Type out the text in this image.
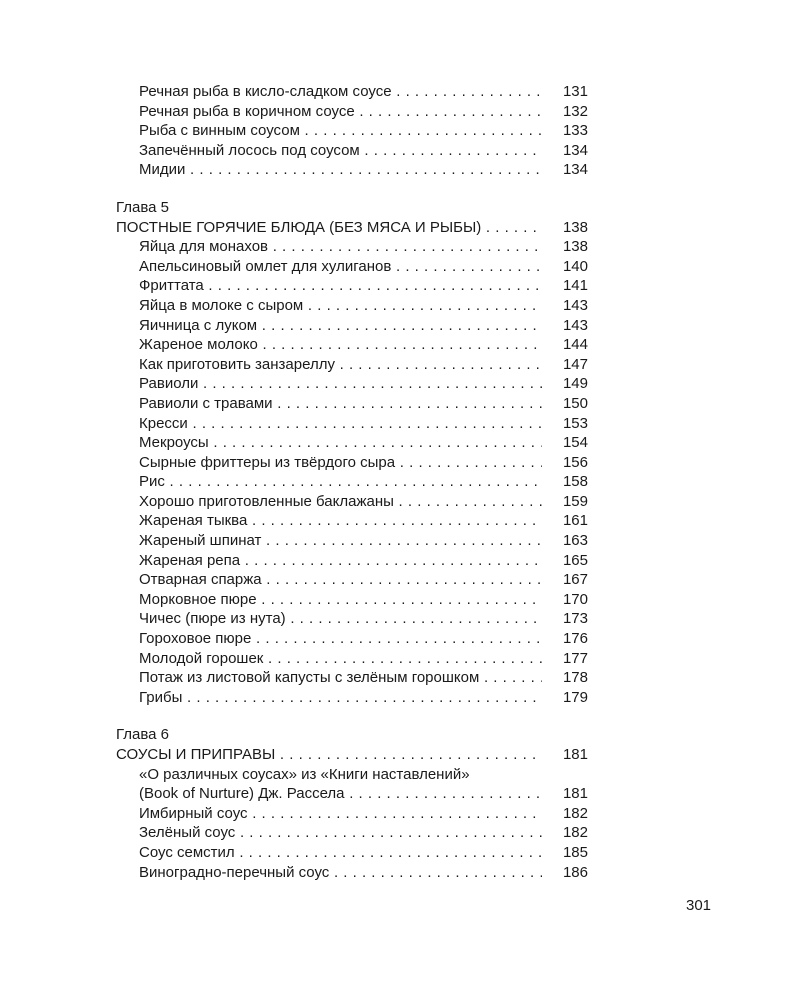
Речная рыба в кисло-сладком соусе . . .	131
Речная рыба в коричном соусе . . .	132
Рыба с винным соусом . . .	133
Запечённый лосось под соусом . . .	134
Мидии . . .	134
Глава 5
ПОСТНЫЕ ГОРЯЧИЕ БЛЮДА (БЕЗ МЯСА И РЫБЫ) . . .	138
Яйца для монахов . . .	138
Апельсиновый омлет для хулиганов . . .	140
Фриттата . . .	141
Яйца в молоке с сыром . . .	143
Яичница с луком . . .	143
Жареное молоко . . .	144
Как приготовить занзареллу . . .	147
Равиоли . . .	149
Равиоли с травами . . .	150
Кресси . . .	153
Мекроусы . . .	154
Сырные фриттеры из твёрдого сыра . . .	156
Рис . . .	158
Хорошо приготовленные баклажаны . . .	159
Жареная тыква . . .	161
Жареный шпинат . . .	163
Жареная репа . . .	165
Отварная спаржа . . .	167
Морковное пюре . . .	170
Чичес (пюре из нута) . . .	173
Гороховое пюре . . .	176
Молодой горошек . . .	177
Потаж из листовой капусты с зелёным горошком . . .	178
Грибы . . .	179
Глава 6
СОУСЫ И ПРИПРАВЫ . . .	181
«О различных соусах» из «Книги наставлений»
(Book of Nurture) Дж. Рассела . . .	181
Имбирный соус . . .	182
Зелёный соус . . .	182
Соус семстил . . .	185
Виноградно-перечный соус . . .	186
301
